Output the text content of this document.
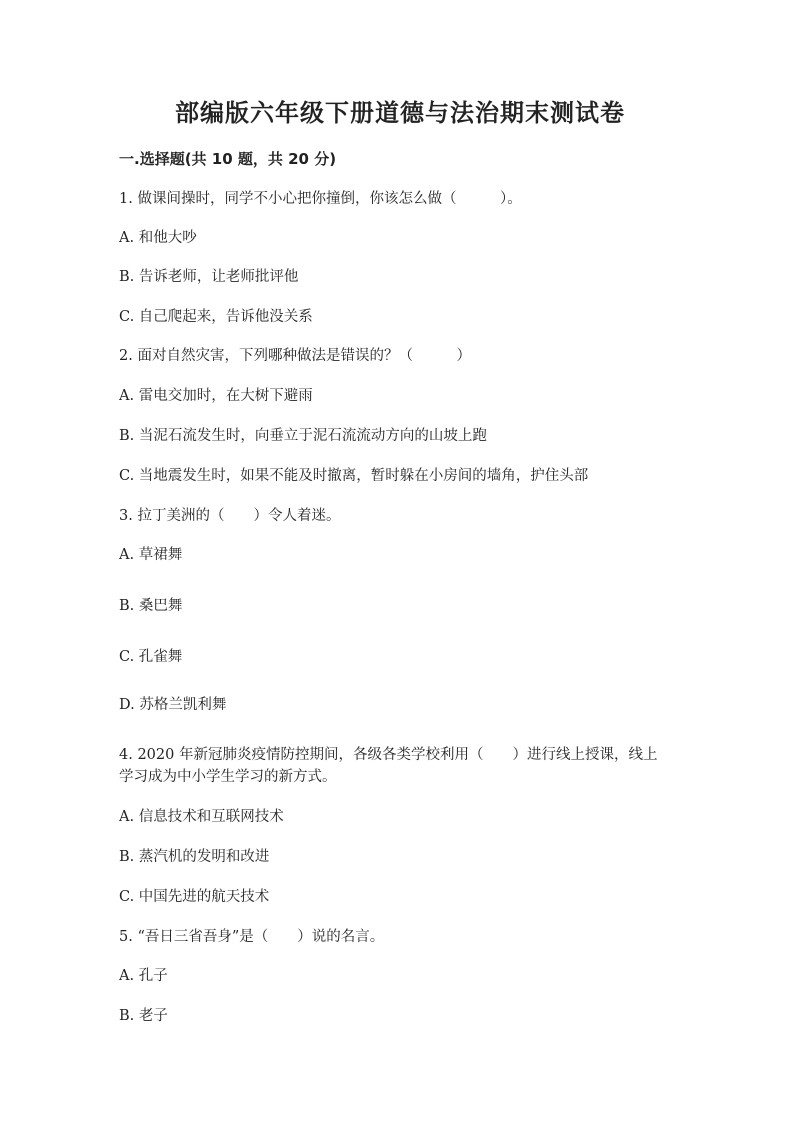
部编版六年级下册道德与法治期末测试卷
一.选择题(共 10 题，共 20 分)
1. 做课间操时，同学不小心把你撞倒，你该怎么做（　　　）。
A. 和他大吵
B. 告诉老师，让老师批评他
C. 自己爬起来，告诉他没关系
2. 面对自然灾害，下列哪种做法是错误的？（　　　）
A. 雷电交加时，在大树下避雨
B. 当泥石流发生时，向垂立于泥石流流动方向的山坡上跑
C. 当地震发生时，如果不能及时撤离，暂时躲在小房间的墙角，护住头部
3. 拉丁美洲的（　　）令人着迷。
A. 草裙舞
B. 桑巴舞
C. 孔雀舞
D. 苏格兰凯利舞
4. 2020 年新冠肺炎疫情防控期间，各级各类学校利用（　　）进行线上授课，线上学习成为中小学生学习的新方式。
A. 信息技术和互联网技术
B. 蒸汽机的发明和改进
C. 中国先进的航天技术
5. “吾日三省吾身”是（　　）说的名言。
A. 孔子
B. 老子
